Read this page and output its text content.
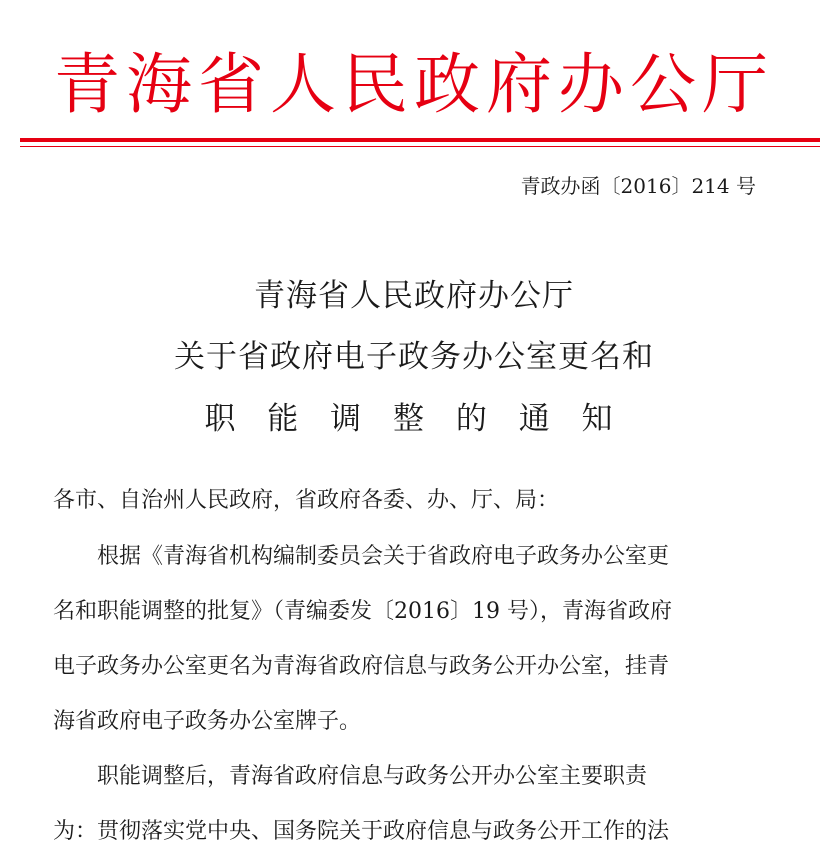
青海省人民政府办公厅
青政办函〔2016〕214 号
青海省人民政府办公厅
关于省政府电子政务办公室更名和
职 能 调 整 的 通 知
各市、自治州人民政府，省政府各委、办、厅、局：
　　根据《青海省机构编制委员会关于省政府电子政务办公室更
名和职能调整的批复》（青编委发〔2016〕19 号），青海省政府
电子政务办公室更名为青海省政府信息与政务公开办公室，挂青
海省政府电子政务办公室牌子。
　　职能调整后，青海省政府信息与政务公开办公室主要职责
为：贯彻落实党中央、国务院关于政府信息与政务公开工作的法
